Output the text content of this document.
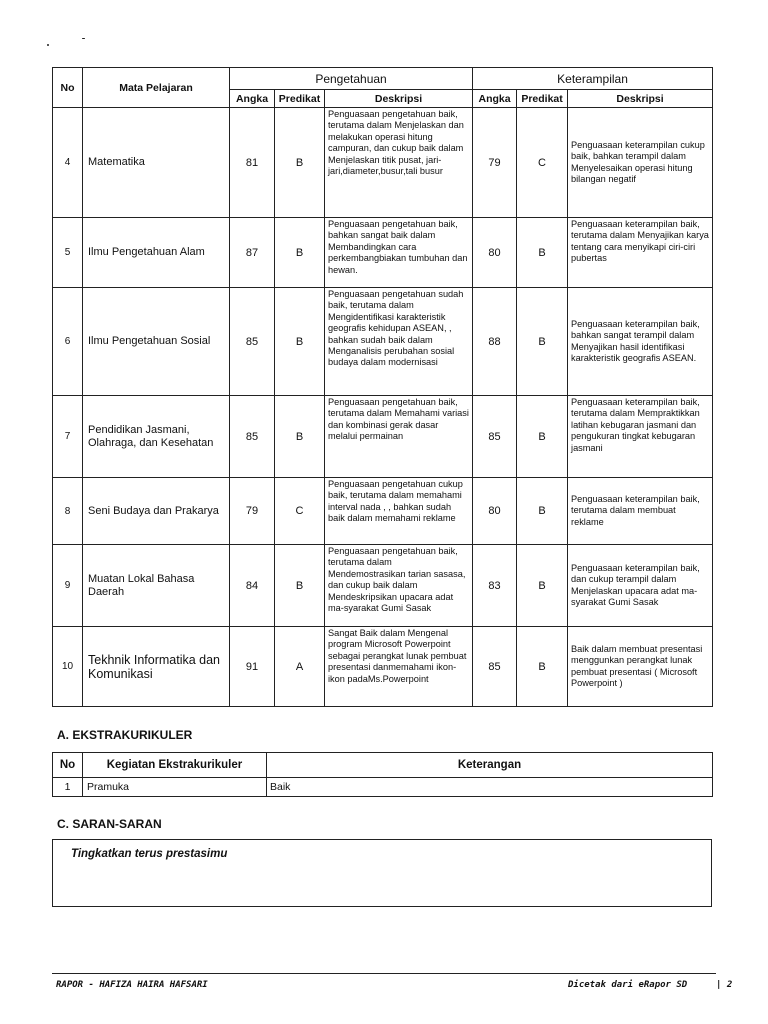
No	Mata Pelajaran	Pengetahuan			Keterampilan		
		Angka	Predikat	Deskripsi	Angka	Predikat	Deskripsi
4	Matematika	81	B	Penguasaan pengetahuan baik, terutama dalam Menjelaskan dan melakukan operasi hitung campuran, dan cukup baik dalam Menjelaskan titik pusat, jari-jari,diameter,busur,tali busur	79	C	Penguasaan keterampilan cukup baik, bahkan terampil dalam Menyelesaikan operasi hitung bilangan negatif
5	Ilmu Pengetahuan Alam	87	B	Penguasaan pengetahuan baik, bahkan sangat baik dalam Membandingkan cara perkembangbiakan tumbuhan dan hewan.	80	B	Penguasaan keterampilan baik, terutama dalam Menyajikan karya tentang cara menyikapi ciri-ciri pubertas
6	Ilmu Pengetahuan Sosial	85	B	Penguasaan pengetahuan sudah baik, terutama dalam Mengidentifikasi karakteristik geografis kehidupan ASEAN, , bahkan sudah baik dalam Menganalisis perubahan sosial budaya dalam modernisasi	88	B	Penguasaan keterampilan baik, bahkan sangat terampil dalam Menyajikan hasil identifikasi karakteristik geografis ASEAN.
7	Pendidikan Jasmani, Olahraga, dan Kesehatan	85	B	Penguasaan pengetahuan baik, terutama dalam Memahami variasi dan kombinasi gerak dasar melalui permainan	85	B	Penguasaan keterampilan baik, terutama dalam Mempraktikkan latihan kebugaran jasmani dan pengukuran tingkat kebugaran jasmani
8	Seni Budaya dan Prakarya	79	C	Penguasaan pengetahuan cukup baik, terutama dalam memahami interval nada , , bahkan sudah baik dalam memahami reklame	80	B	Penguasaan keterampilan baik, terutama dalam membuat reklame
9	Muatan Lokal Bahasa Daerah	84	B	Penguasaan pengetahuan baik, terutama dalam Mendemostrasikan tarian sasasa, dan cukup baik dalam Mendeskripsikan upacara adat ma-syarakat Gumi Sasak	83	B	Penguasaan keterampilan baik, dan cukup terampil dalam Menjelaskan upacara adat ma-syarakat Gumi Sasak
10	Tekhnik Informatika dan Komunikasi	91	A	Sangat Baik dalam Mengenal program Microsoft Powerpoint sebagai perangkat lunak pembuat presentasi danmemahami ikon-ikon padaMs.Powerpoint	85	B	Baik dalam membuat presentasi menggunkan perangkat lunak pembuat presentasi ( Microsoft Powerpoint )
A. EKSTRAKURIKULER
No	Kegiatan Ekstrakurikuler	Keterangan
1	Pramuka	Baik
C. SARAN-SARAN
Tingkatkan terus prestasimu
RAPOR - HAFIZA HAIRA HAFSARI	Dicetak dari eRapor SD	| 2
